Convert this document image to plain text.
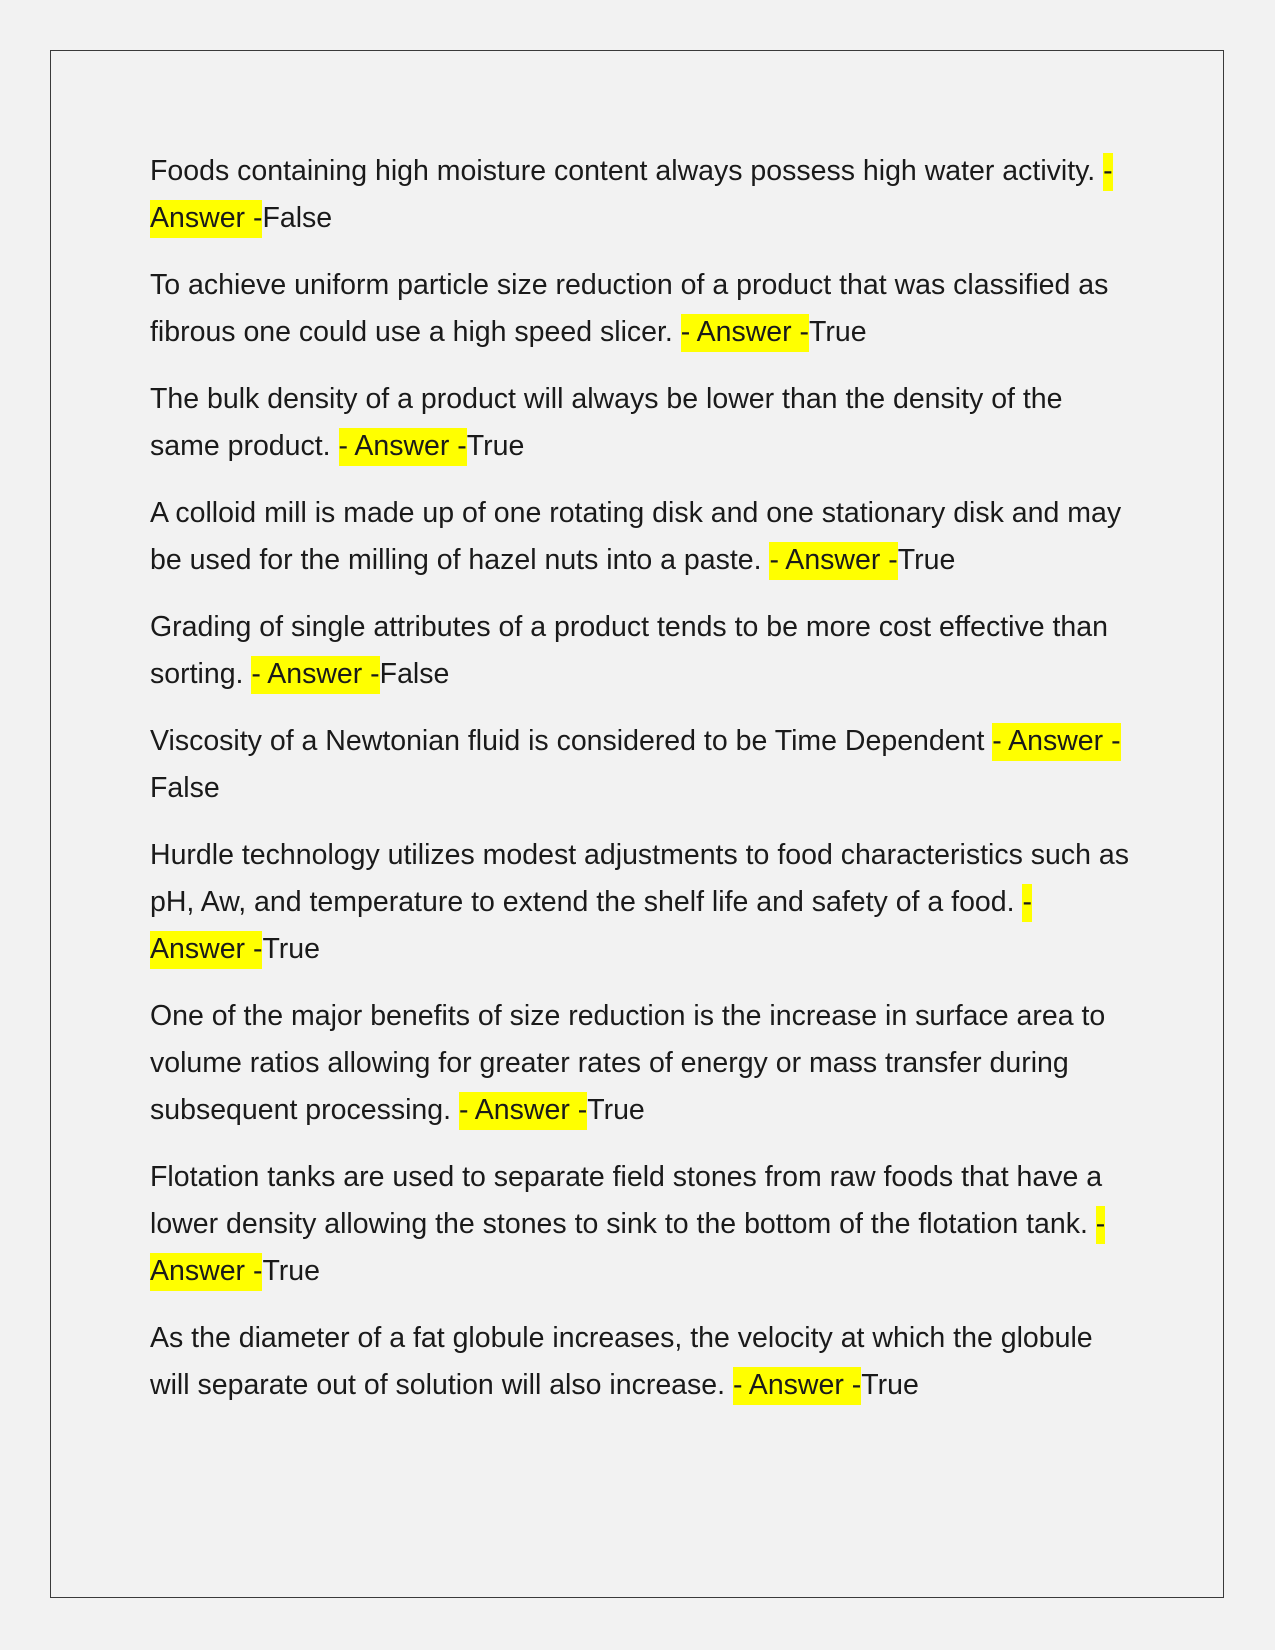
Foods containing high moisture content always possess high water activity. - Answer -False

To achieve uniform particle size reduction of a product that was classified as fibrous one could use a high speed slicer. - Answer -True

The bulk density of a product will always be lower than the density of the same product. - Answer -True

A colloid mill is made up of one rotating disk and one stationary disk and may be used for the milling of hazel nuts into a paste. - Answer -True

Grading of single attributes of a product tends to be more cost effective than sorting. - Answer -False

Viscosity of a Newtonian fluid is considered to be Time Dependent - Answer -False

Hurdle technology utilizes modest adjustments to food characteristics such as pH, Aw, and temperature to extend the shelf life and safety of a food. - Answer -True

One of the major benefits of size reduction is the increase in surface area to volume ratios allowing for greater rates of energy or mass transfer during subsequent processing. - Answer -True

Flotation tanks are used to separate field stones from raw foods that have a lower density allowing the stones to sink to the bottom of the flotation tank. - Answer -True

As the diameter of a fat globule increases, the velocity at which the globule will separate out of solution will also increase. - Answer -True
